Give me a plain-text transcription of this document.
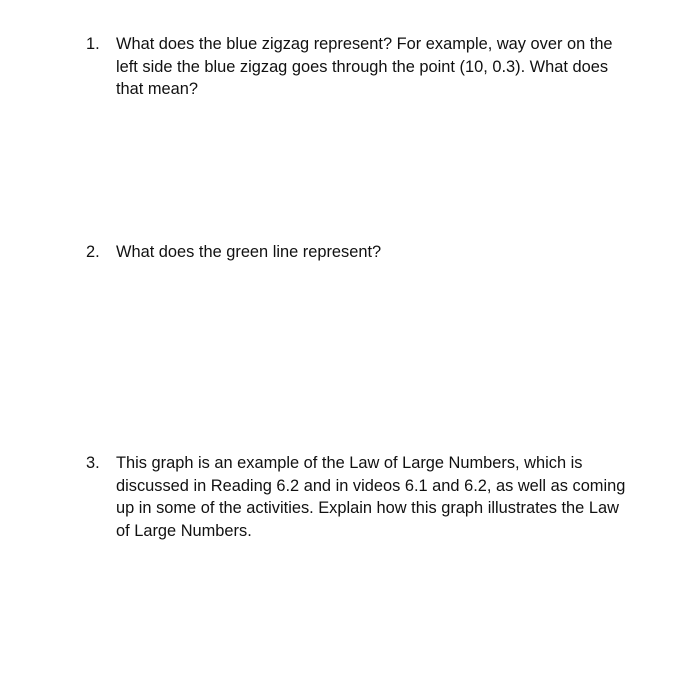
1. What does the blue zigzag represent? For example, way over on the
left side the blue zigzag goes through the point (10, 0.3). What does
that mean?
2. What does the green line represent?
3. This graph is an example of the Law of Large Numbers, which is
discussed in Reading 6.2 and in videos 6.1 and 6.2, as well as coming
up in some of the activities. Explain how this graph illustrates the Law
of Large Numbers.
